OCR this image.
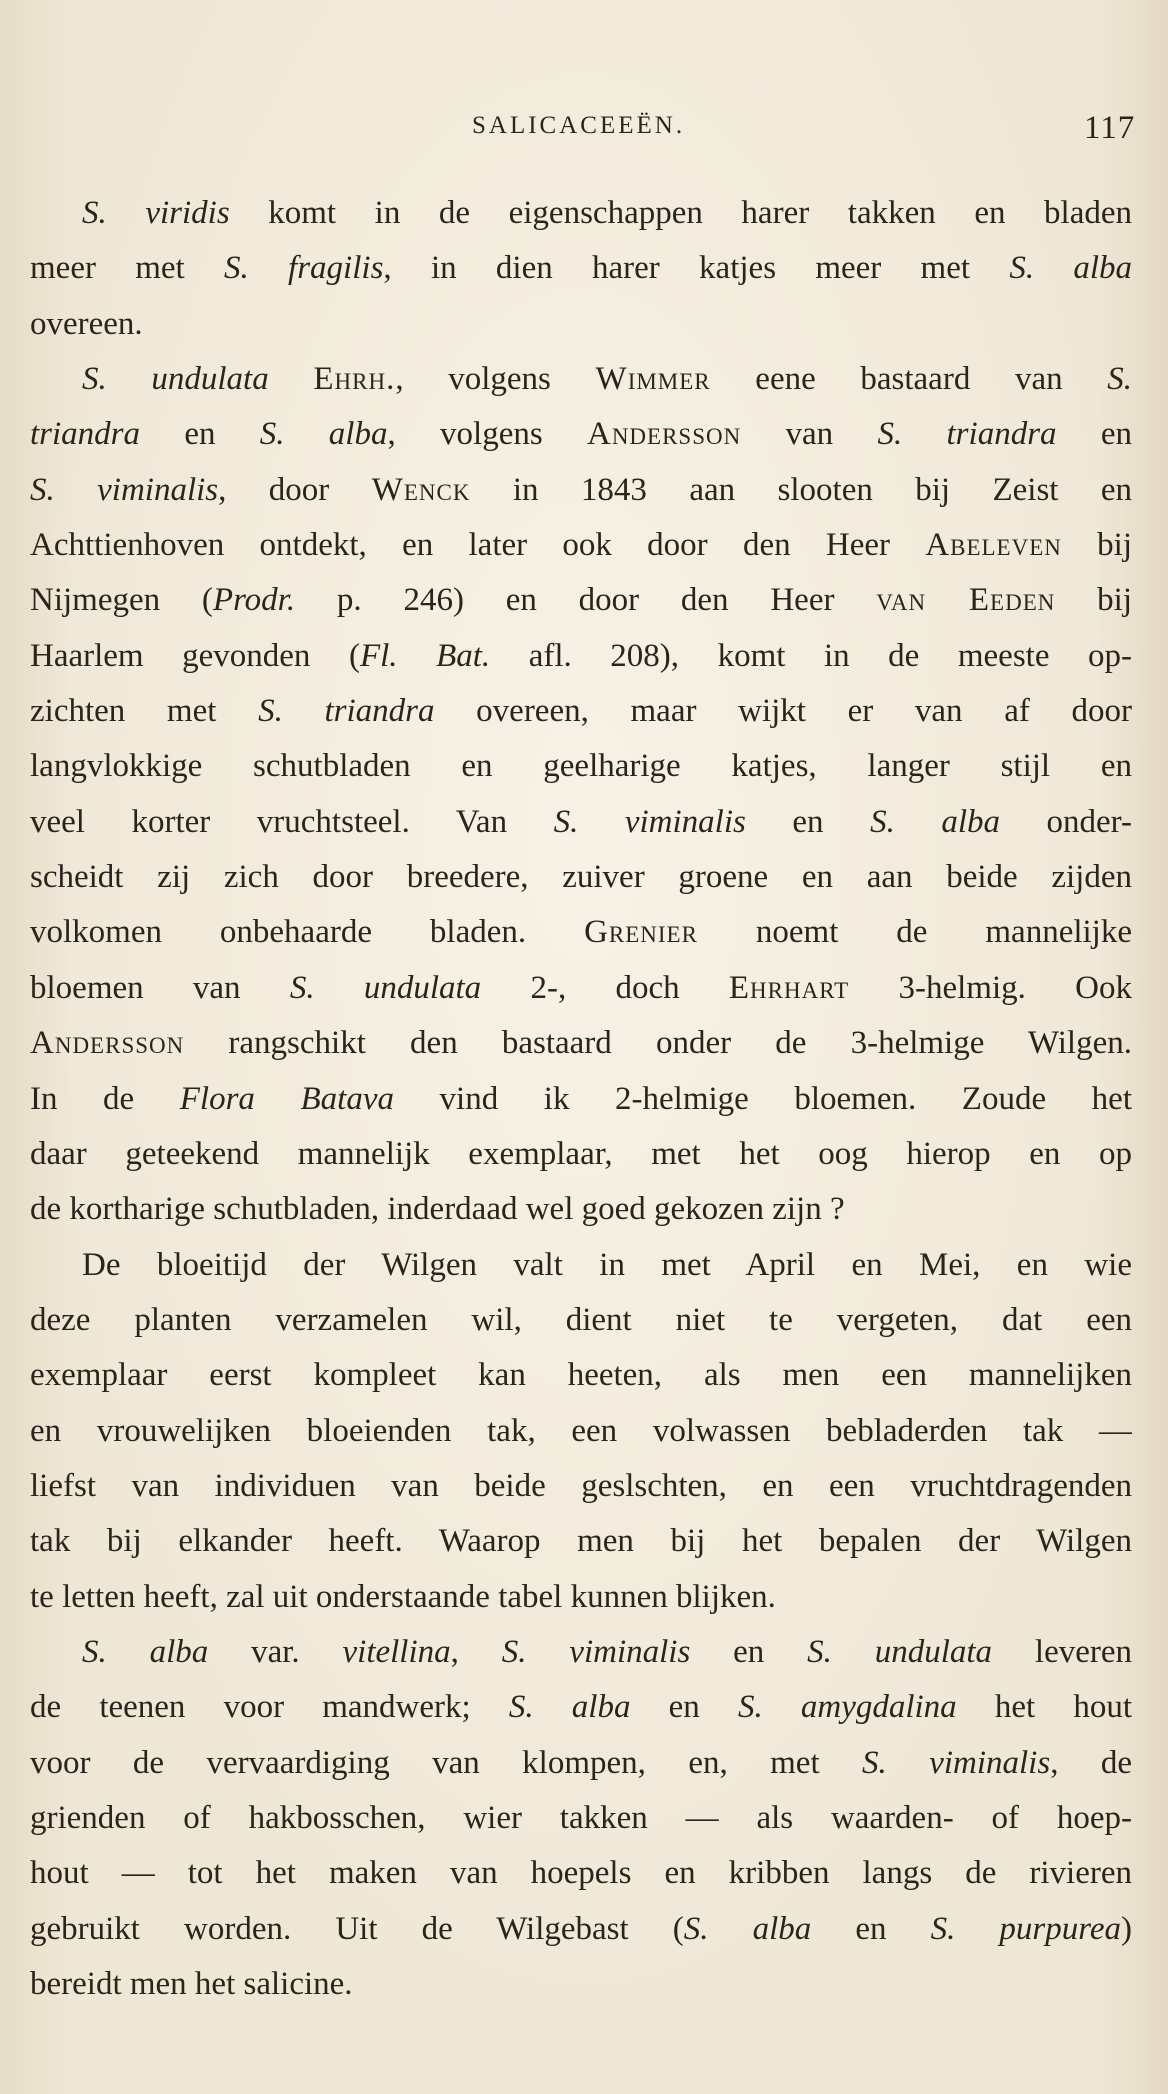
SALICACEEËN.	117
S. viridis komt in de eigenschappen harer takken en bladen
meer met S. fragilis, in dien harer katjes meer met S. alba
overeen.
S. undulata Ehrh., volgens Wimmer eene bastaard van S.
triandra en S. alba, volgens Andersson van S. triandra en
S. viminalis, door Wenck in 1843 aan slooten bij Zeist en
Achttienhoven ontdekt, en later ook door den Heer Abeleven bij
Nijmegen (Prodr. p. 246) en door den Heer van Eeden bij
Haarlem gevonden (Fl. Bat. afl. 208), komt in de meeste op-
zichten met S. triandra overeen, maar wijkt er van af door
langvlokkige schutbladen en geelharige katjes, langer stijl en
veel korter vruchtsteel. Van S. viminalis en S. alba onder-
scheidt zij zich door breedere, zuiver groene en aan beide zijden
volkomen onbehaarde bladen. Grenier noemt de mannelijke
bloemen van S. undulata 2-, doch Ehrhart 3-helmig. Ook
Andersson rangschikt den bastaard onder de 3-helmige Wilgen.
In de Flora Batava vind ik 2-helmige bloemen. Zoude het
daar geteekend mannelijk exemplaar, met het oog hierop en op
de kortharige schutbladen, inderdaad wel goed gekozen zijn ?
De bloeitijd der Wilgen valt in met April en Mei, en wie
deze planten verzamelen wil, dient niet te vergeten, dat een
exemplaar eerst kompleet kan heeten, als men een mannelijken
en vrouwelijken bloeienden tak, een volwassen bebladerden tak —
liefst van individuen van beide geslschten, en een vruchtdragenden
tak bij elkander heeft. Waarop men bij het bepalen der Wilgen
te letten heeft, zal uit onderstaande tabel kunnen blijken.
S. alba var. vitellina, S. viminalis en S. undulata leveren
de teenen voor mandwerk; S. alba en S. amygdalina het hout
voor de vervaardiging van klompen, en, met S. viminalis, de
grienden of hakbosschen, wier takken — als waarden- of hoep-
hout — tot het maken van hoepels en kribben langs de rivieren
gebruikt worden. Uit de Wilgebast (S. alba en S. purpurea)
bereidt men het salicine.
